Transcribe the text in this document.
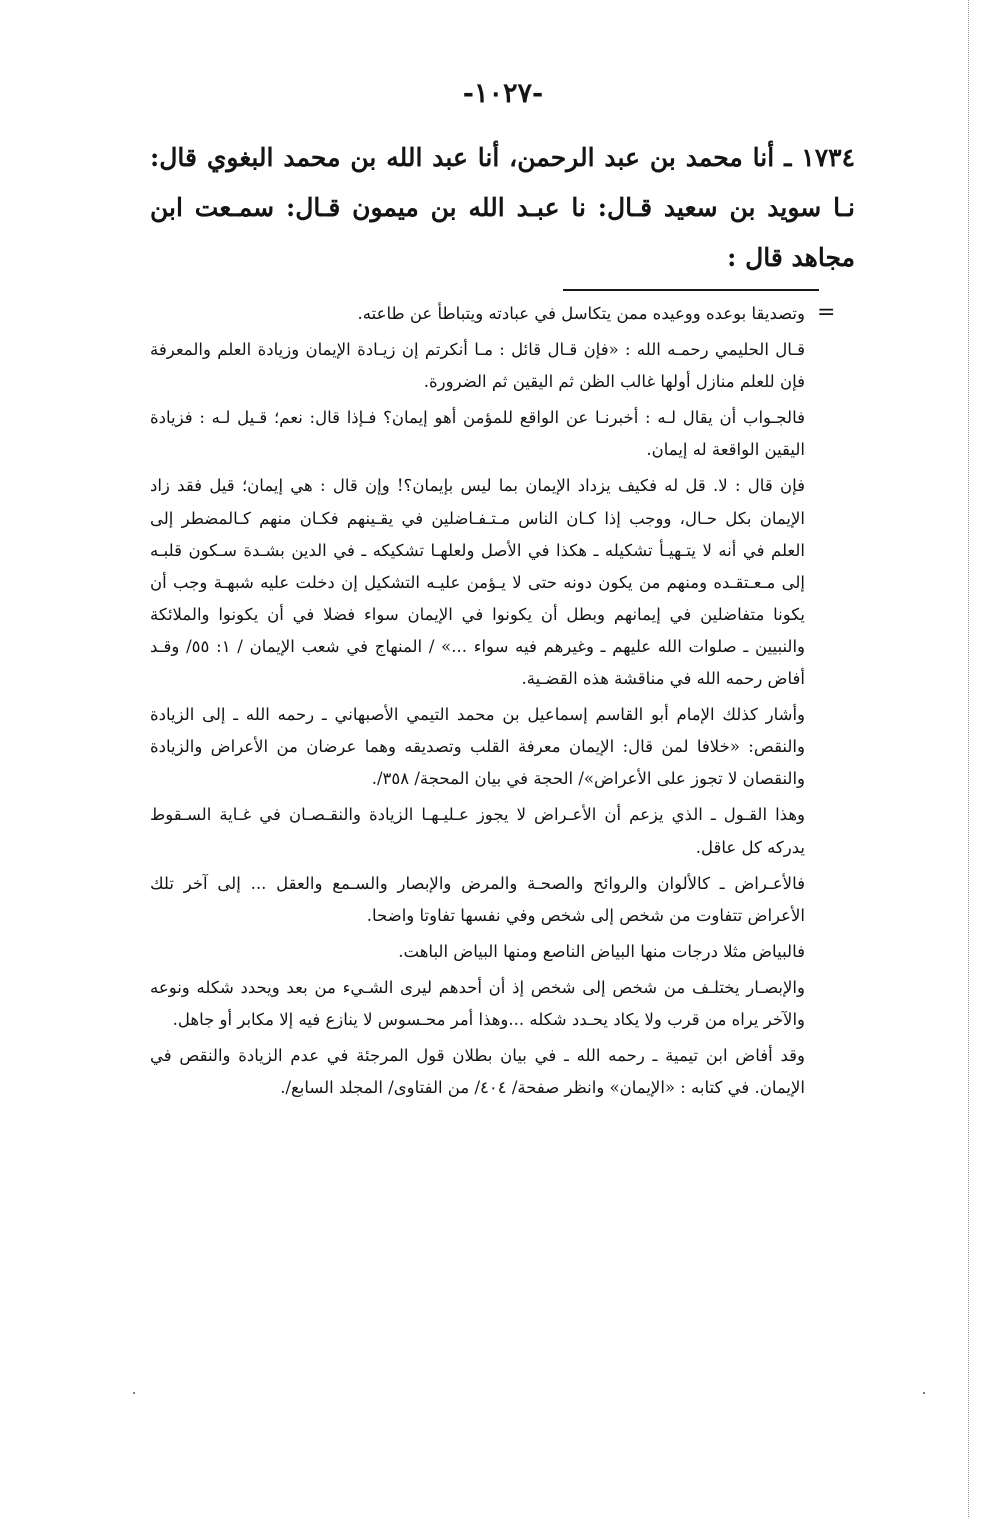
-١٠٢٧-

١٧٣٤ ـ أنا محمد بن عبد الرحمن، أنا عبد الله بن محمد البغوي قال: نـا سويد بن سعيد قـال: نا عبـد الله بن ميمون قـال: سمـعت ابن مجاهد قال :

=

وتصديقا بوعده ووعيده ممن يتكاسل في عبادته ويتباطأ عن طاعته.

قـال الحليمي رحمـه الله : «فإن قـال قائل : مـا أنكرتم إن زيـادة الإيمان وزيادة العلم والمعرفة فإن للعلم منازل أولها غالب الظن ثم اليقين ثم الضرورة.

فالجـواب أن يقال لـه : أخبرنـا عن الواقع للمؤمن أهو إيمان؟ فـإذا قال: نعم؛ قـيل لـه : فزيادة اليقين الواقعة له إيمان.

فإن قال : لا. قل له فكيف يزداد الإيمان بما ليس بإيمان؟! وإن قال : هي إيمان؛ قيل فقد زاد الإيمان بكل حـال، ووجب إذا كـان الناس مـتـفـاضلين في يقـينهم فكـان منهم كـالمضطر إلى العلم في أنه لا يتـهيـأ تشكيله ـ هكذا في الأصل ولعلهـا تشكيكه ـ في الدين بشـدة سـكون قلبـه إلى مـعـتقـده ومنهم من يكون دونه حتى لا يـؤمن عليـه التشكيل إن دخلت عليه شبهـة وجب أن يكونا متفاضلين في إيمانهم وبطل أن يكونوا في الإيمان سواء فضلا في أن يكونوا والملائكة والنبيين ـ صلوات الله عليهم ـ وغيرهم فيه سواء ...» / المنهاج في شعب الإيمان / ١: ٥٥/ وقـد أفاض رحمه الله في مناقشة هذه القضـية.

وأشار كذلك الإمام أبو القاسم إسماعيل بن محمد التيمي الأصبهاني ـ رحمه الله ـ إلى الزيادة والنقص: «خلافا لمن قال: الإيمان معرفة القلب وتصديقه وهما عرضان من الأعراض والزيادة والنقصان لا تجوز على الأعراض»/ الحجة في بيان المحجة/ ٣٥٨/.

وهذا القـول ـ الذي يزعم أن الأعـراض لا يجوز عـليـهـا الزيادة والنقـصـان في غـاية السـقوط يدركه كل عاقل.

فالأعـراض ـ كالألوان والروائح والصحـة والمرض والإبصار والسـمع والعقل ... إلى آخر تلك الأعراض تتفاوت من شخص إلى شخص وفي نفسها تفاوتا واضحا.

فالبياض مثلا درجات منها البياض الناصع ومنها البياض الباهت.

والإبصـار يختلـف من شخص إلى شخص إذ أن أحدهم ليرى الشـيء من بعد ويحدد شكله ونوعه والآخر يراه من قرب ولا يكاد يحـدد شكله ...وهذا أمر محـسوس لا ينازع فيه إلا مكابر أو جاهل.

وقد أفاض ابن تيمية ـ رحمه الله ـ في بيان بطلان قول المرجئة في عدم الزيادة والنقص في الإيمان. في كتابه : «الإيمان» وانظر صفحة/ ٤٠٤/ من الفتاوى/ المجلد السابع/.
